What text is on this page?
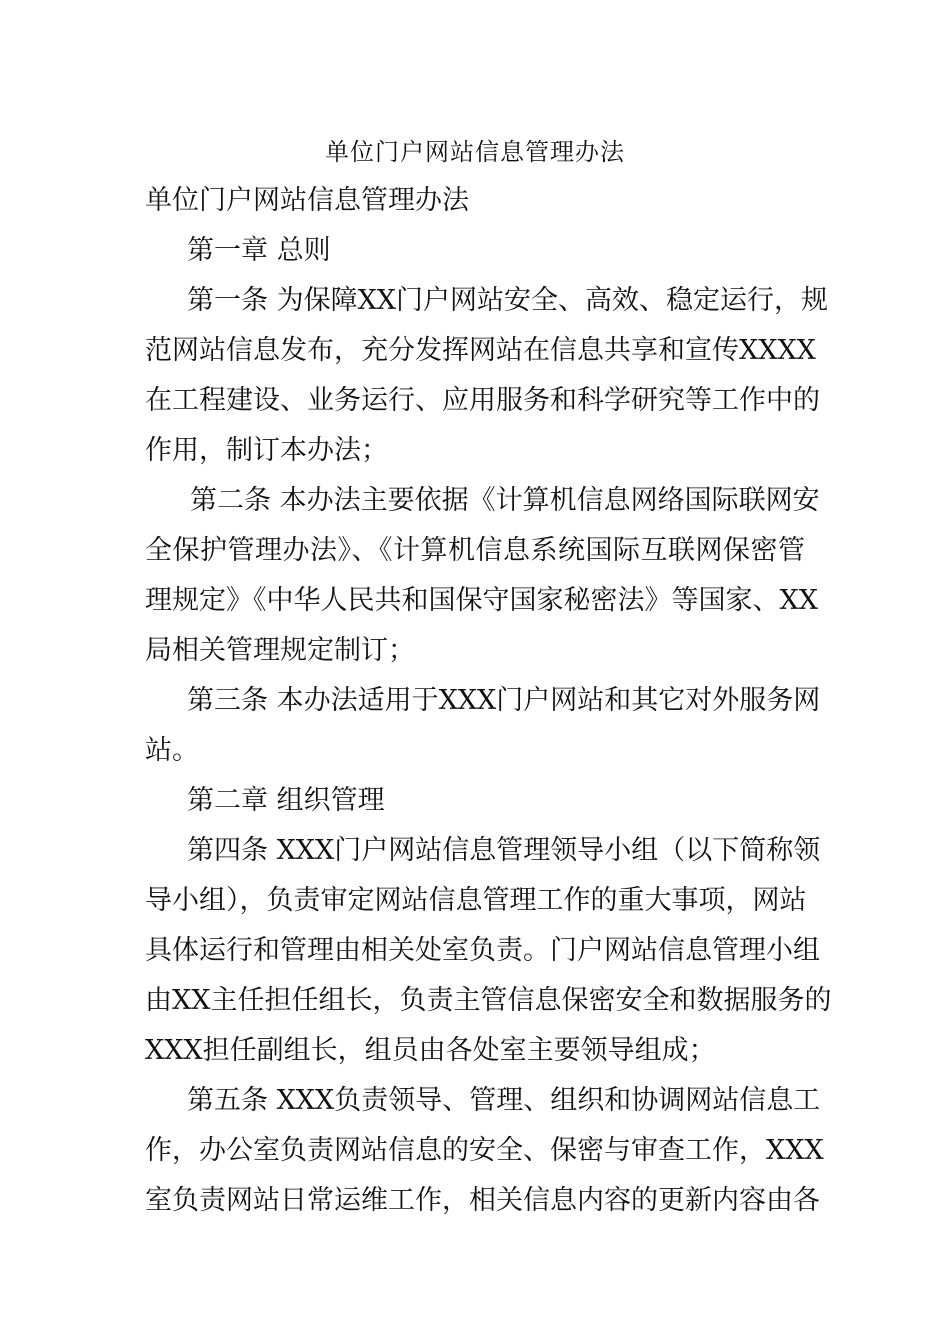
单位门户网站信息管理办法
单位门户网站信息管理办法
第一章 总则
第一条 为保障XX门户网站安全、高效、稳定运行，规
范网站信息发布，充分发挥网站在信息共享和宣传XXXX
在工程建设、业务运行、应用服务和科学研究等工作中的
作用，制订本办法；
第二条 本办法主要依据《计算机信息网络国际联网安
全保护管理办法》、《计算机信息系统国际互联网保密管
理规定》《中华人民共和国保守国家秘密法》等国家、XX
局相关管理规定制订；
第三条 本办法适用于XXX门户网站和其它对外服务网
站。
第二章 组织管理
第四条 XXX门户网站信息管理领导小组（以下简称领
导小组），负责审定网站信息管理工作的重大事项，网站
具体运行和管理由相关处室负责。门户网站信息管理小组
由XX主任担任组长，负责主管信息保密安全和数据服务的
XXX担任副组长，组员由各处室主要领导组成；
第五条 XXX负责领导、管理、组织和协调网站信息工
作，办公室负责网站信息的安全、保密与审查工作，XXX
室负责网站日常运维工作，相关信息内容的更新内容由各
